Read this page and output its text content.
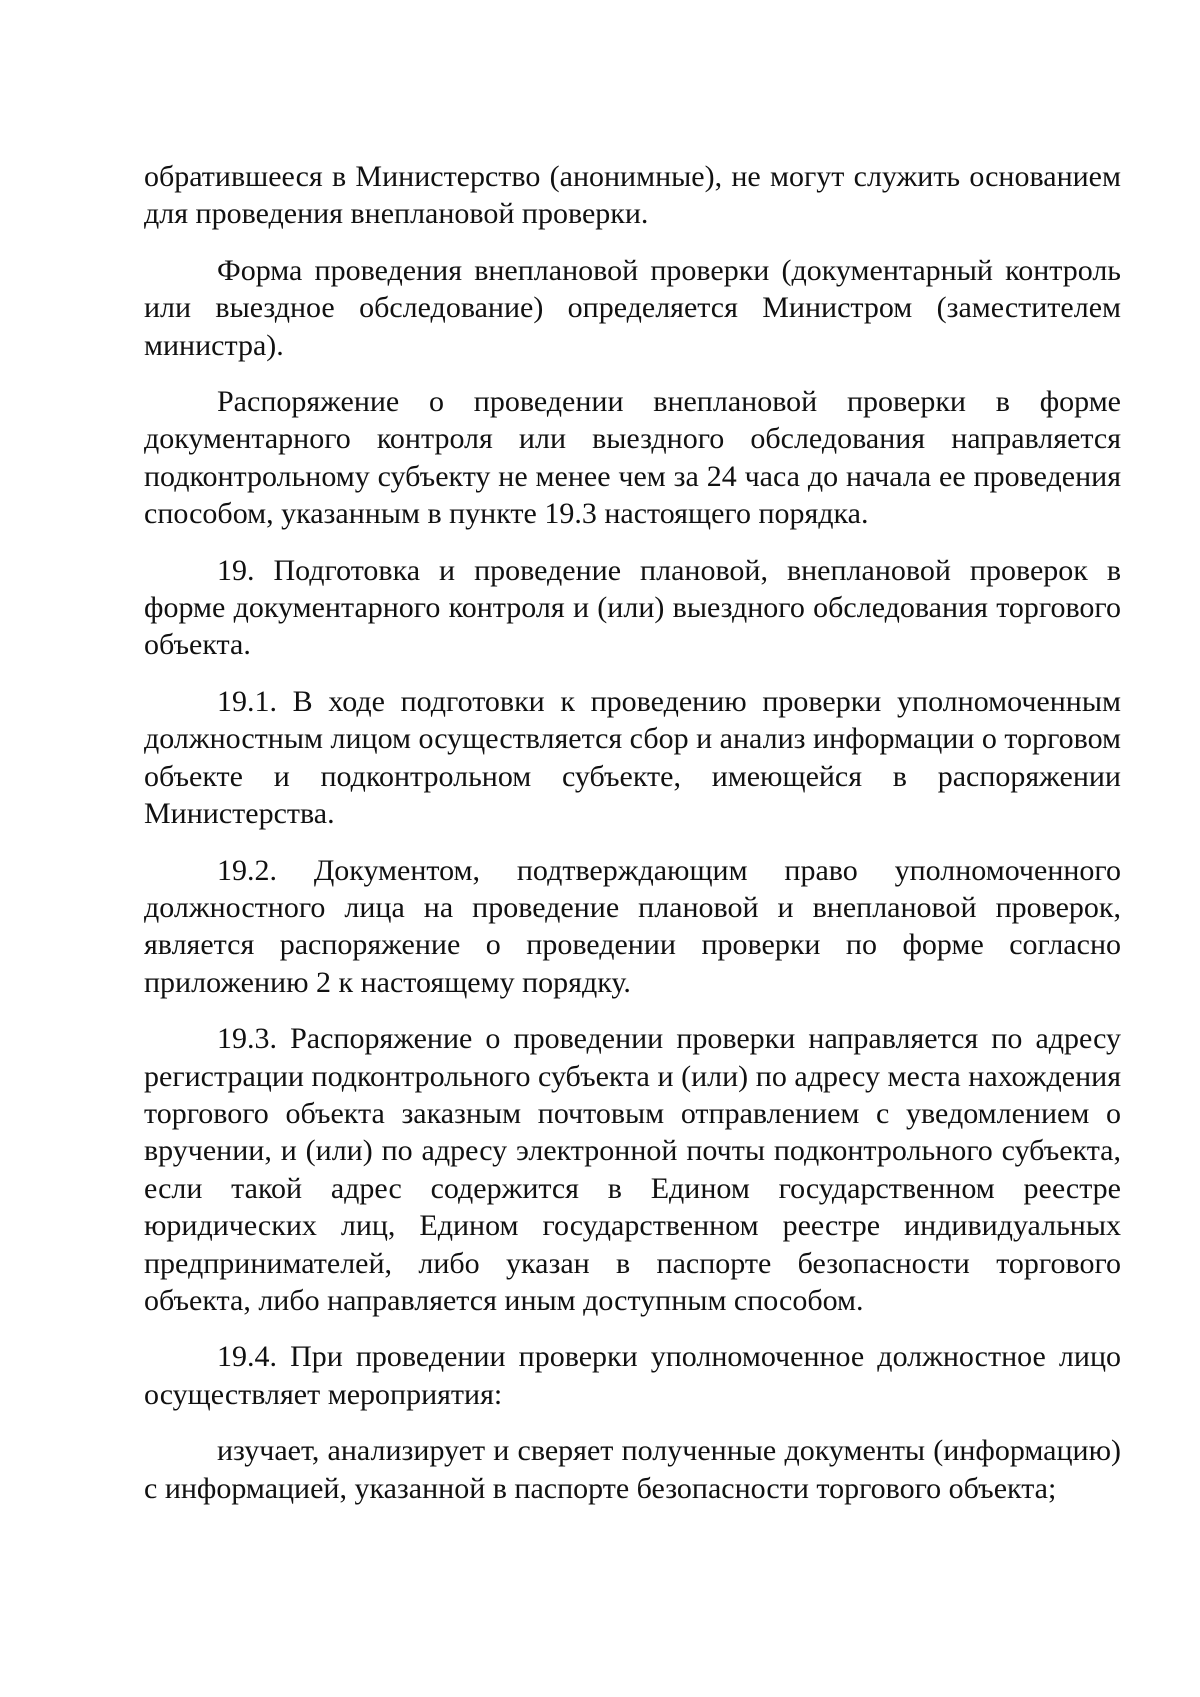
обратившееся в Министерство (анонимные), не могут служить основанием для проведения внеплановой проверки.

Форма проведения внеплановой проверки (документарный контроль или выездное обследование) определяется Министром (заместителем министра).

Распоряжение о проведении внеплановой проверки в форме документарного контроля или выездного обследования направляется подконтрольному субъекту не менее чем за 24 часа до начала ее проведения способом, указанным в пункте 19.3 настоящего порядка.

19. Подготовка и проведение плановой, внеплановой проверок в форме документарного контроля и (или) выездного обследования торгового объекта.

19.1. В ходе подготовки к проведению проверки уполномоченным должностным лицом осуществляется сбор и анализ информации о торговом объекте и подконтрольном субъекте, имеющейся в распоряжении Министерства.

19.2. Документом, подтверждающим право уполномоченного должностного лица на проведение плановой и внеплановой проверок, является распоряжение о проведении проверки по форме согласно приложению 2 к настоящему порядку.

19.3. Распоряжение о проведении проверки направляется по адресу регистрации подконтрольного субъекта и (или) по адресу места нахождения торгового объекта заказным почтовым отправлением с уведомлением о вручении, и (или) по адресу электронной почты подконтрольного субъекта, если такой адрес содержится в Едином государственном реестре юридических лиц, Едином государственном реестре индивидуальных предпринимателей, либо указан в паспорте безопасности торгового объекта, либо направляется иным доступным способом.

19.4. При проведении проверки уполномоченное должностное лицо осуществляет мероприятия:

изучает, анализирует и сверяет полученные документы (информацию) с информацией, указанной в паспорте безопасности торгового объекта;
